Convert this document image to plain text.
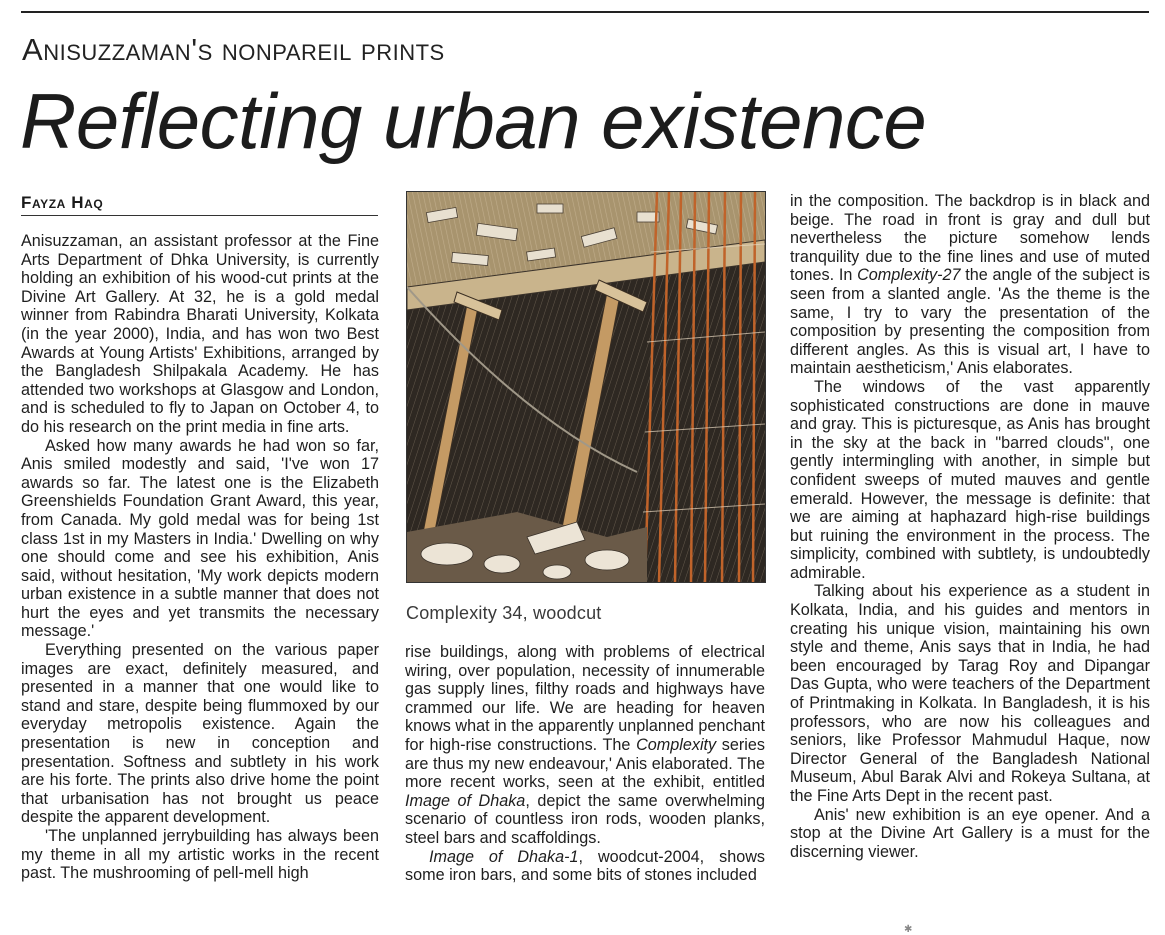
Anisuzzaman's nonpareil prints
Reflecting urban existence
Fayza Haq

Anisuzzaman, an assistant professor at the Fine Arts Department of Dhka University, is currently holding an exhibition of his wood-cut prints at the Divine Art Gallery. At 32, he is a gold medal winner from Rabindra Bharati University, Kolkata (in the year 2000), India, and has won two Best Awards at Young Artists' Exhibitions, arranged by the Bangladesh Shilpakala Academy. He has attended two workshops at Glasgow and London, and is scheduled to fly to Japan on October 4, to do his research on the print media in fine arts.

Asked how many awards he had won so far, Anis smiled modestly and said, 'I've won 17 awards so far. The latest one is the Elizabeth Greenshields Foundation Grant Award, this year, from Canada. My gold medal was for being 1st class 1st in my Masters in India.' Dwelling on why one should come and see his exhibition, Anis said, without hesitation, 'My work depicts modern urban existence in a subtle manner that does not hurt the eyes and yet transmits the necessary message.'

Everything presented on the various paper images are exact, definitely measured, and presented in a manner that one would like to stand and stare, despite being flummoxed by our everyday metropolis existence. Again the presentation is new in conception and presentation. Softness and subtlety in his work are his forte. The prints also drive home the point that urbanisation has not brought us peace despite the apparent development.

'The unplanned jerrybuilding has always been my theme in all my artistic works in the recent past. The mushrooming of pell-mell high

Complexity 34, woodcut

rise buildings, along with problems of electrical wiring, over population, necessity of innumerable gas supply lines, filthy roads and highways have crammed our life. We are heading for heaven knows what in the apparently unplanned penchant for high-rise constructions. The Complexity series are thus my new endeavour,' Anis elaborated. The more recent works, seen at the exhibit, entitled Image of Dhaka, depict the same overwhelming scenario of countless iron rods, wooden planks, steel bars and scaffoldings.

Image of Dhaka-1, woodcut-2004, shows some iron bars, and some bits of stones included

in the composition. The backdrop is in black and beige. The road in front is gray and dull but nevertheless the picture somehow lends tranquility due to the fine lines and use of muted tones. In Complexity-27 the angle of the subject is seen from a slanted angle. 'As the theme is the same, I try to vary the presentation of the composition by presenting the composition from different angles. As this is visual art, I have to maintain aestheticism,' Anis elaborates.

The windows of the vast apparently sophisticated constructions are done in mauve and gray. This is picturesque, as Anis has brought in the sky at the back in "barred clouds", one gently intermingling with another, in simple but confident sweeps of muted mauves and gentle emerald. However, the message is definite: that we are aiming at haphazard high-rise buildings but ruining the environment in the process. The simplicity, combined with subtlety, is undoubtedly admirable.

Talking about his experience as a student in Kolkata, India, and his guides and mentors in creating his unique vision, maintaining his own style and theme, Anis says that in India, he had been encouraged by Tarag Roy and Dipangar Das Gupta, who were teachers of the Department of Printmaking in Kolkata. In Bangladesh, it is his professors, who are now his colleagues and seniors, like Professor Mahmudul Haque, now Director General of the Bangladesh National Museum, Abul Barak Alvi and Rokeya Sultana, at the Fine Arts Dept in the recent past.

Anis' new exhibition is an eye opener. And a stop at the Divine Art Gallery is a must for the discerning viewer.

✱
